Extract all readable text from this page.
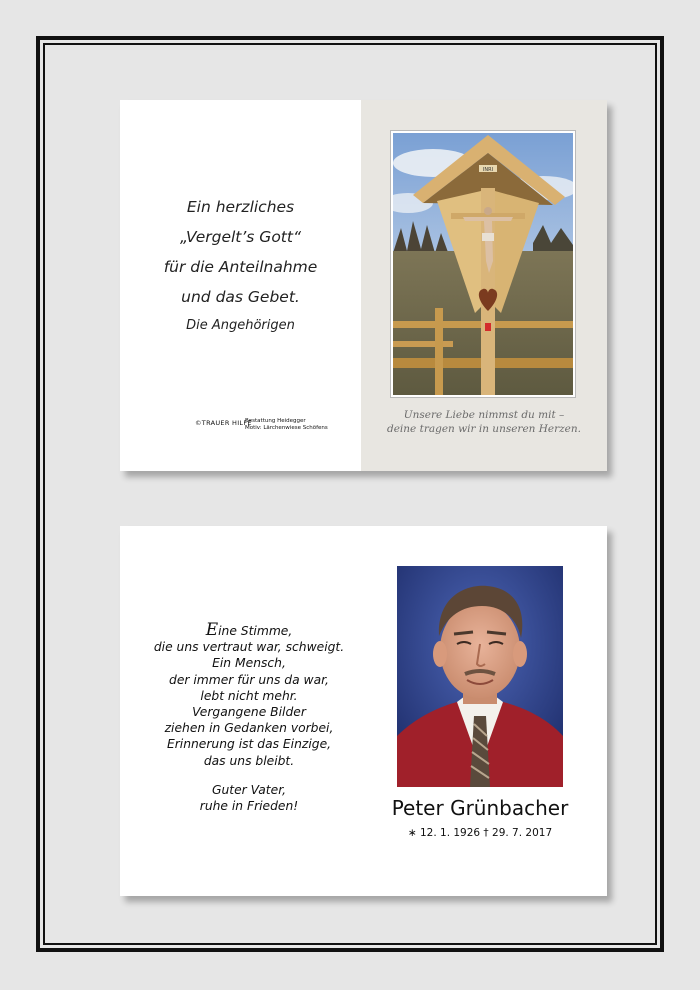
Ein herzliches
„Vergelt’s Gott“
für die Anteilnahme
und das Gebet.
Die Angehörigen
©TRAUER HILFE
Bestattung Heidegger
Motiv: Lärchenwiese Schöfens
INRI
Unsere Liebe nimmst du mit –
deine tragen wir in unseren Herzen.
Eine Stimme,
die uns vertraut war, schweigt.
Ein Mensch,
der immer für uns da war,
lebt nicht mehr.
Vergangene Bilder
ziehen in Gedanken vorbei,
Erinnerung ist das Einzige,
das uns bleibt.
Guter Vater,
ruhe in Frieden!	Peter Grünbacher
∗ 12. 1. 1926 † 29. 7. 2017
